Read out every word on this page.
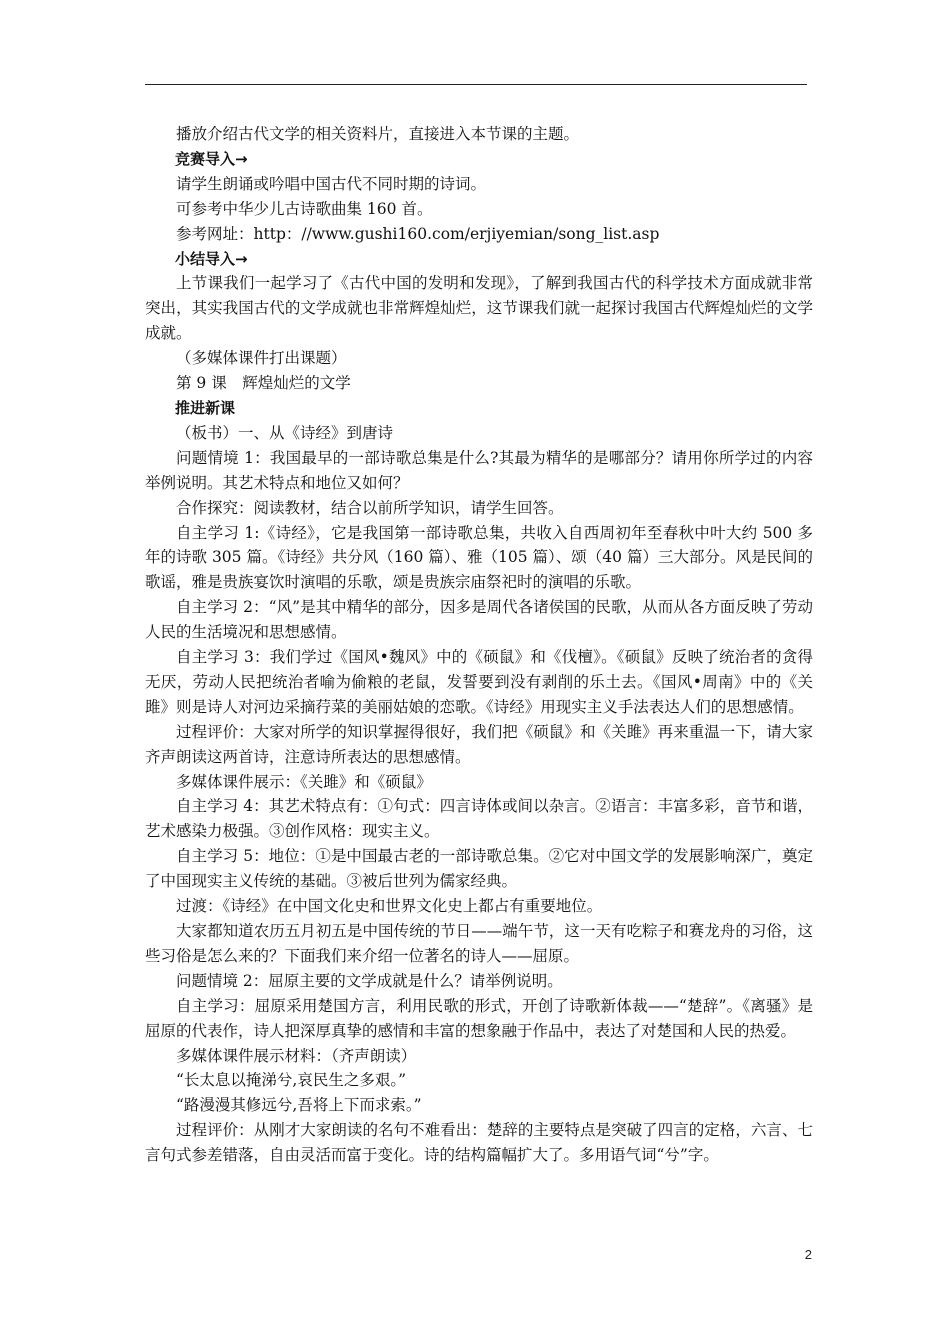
播放介绍古代文学的相关资料片，直接进入本节课的主题。

竞赛导入→

请学生朗诵或吟唱中国古代不同时期的诗词。

可参考中华少儿古诗歌曲集 160 首。

参考网址：http：//www.gushi160.com/erjiyemian/song_list.asp

小结导入→

上节课我们一起学习了《古代中国的发明和发现》，了解到我国古代的科学技术方面成就非常突出，其实我国古代的文学成就也非常辉煌灿烂，这节课我们就一起探讨我国古代辉煌灿烂的文学成就。

（多媒体课件打出课题）

第 9 课　辉煌灿烂的文学

推进新课

（板书）一、从《诗经》到唐诗

问题情境 1：我国最早的一部诗歌总集是什么?其最为精华的是哪部分？请用你所学过的内容举例说明。其艺术特点和地位又如何？

合作探究：阅读教材，结合以前所学知识，请学生回答。

自主学习 1:《诗经》，它是我国第一部诗歌总集，共收入自西周初年至春秋中叶大约 500 多年的诗歌 305 篇。《诗经》共分风（160 篇）、雅（105 篇）、颂（40 篇）三大部分。风是民间的歌谣，雅是贵族宴饮时演唱的乐歌，颂是贵族宗庙祭祀时的演唱的乐歌。

自主学习 2：“风”是其中精华的部分，因多是周代各诸侯国的民歌，从而从各方面反映了劳动人民的生活境况和思想感情。

自主学习 3：我们学过《国风•魏风》中的《硕鼠》和《伐檀》。《硕鼠》反映了统治者的贪得无厌，劳动人民把统治者喻为偷粮的老鼠，发誓要到没有剥削的乐土去。《国风•周南》中的《关雎》则是诗人对河边采摘荇菜的美丽姑娘的恋歌。《诗经》用现实主义手法表达人们的思想感情。

过程评价：大家对所学的知识掌握得很好，我们把《硕鼠》和《关雎》再来重温一下，请大家齐声朗读这两首诗，注意诗所表达的思想感情。

多媒体课件展示：《关雎》和《硕鼠》

自主学习 4：其艺术特点有：①句式：四言诗体或间以杂言。②语言：丰富多彩，音节和谐，艺术感染力极强。③创作风格：现实主义。

自主学习 5：地位：①是中国最古老的一部诗歌总集。②它对中国文学的发展影响深广，奠定了中国现实主义传统的基础。③被后世列为儒家经典。

过渡：《诗经》在中国文化史和世界文化史上都占有重要地位。

大家都知道农历五月初五是中国传统的节日——端午节，这一天有吃粽子和赛龙舟的习俗，这些习俗是怎么来的？下面我们来介绍一位著名的诗人——屈原。

问题情境 2：屈原主要的文学成就是什么？请举例说明。

自主学习：屈原采用楚国方言，利用民歌的形式，开创了诗歌新体裁——“楚辞”。《离骚》是屈原的代表作，诗人把深厚真挚的感情和丰富的想象融于作品中，表达了对楚国和人民的热爱。

多媒体课件展示材料：（齐声朗读）

“长太息以掩涕兮,哀民生之多艰。”

“路漫漫其修远兮,吾将上下而求索。”

过程评价：从刚才大家朗读的名句不难看出：楚辞的主要特点是突破了四言的定格，六言、七言句式参差错落，自由灵活而富于变化。诗的结构篇幅扩大了。多用语气词“兮”字。

2
